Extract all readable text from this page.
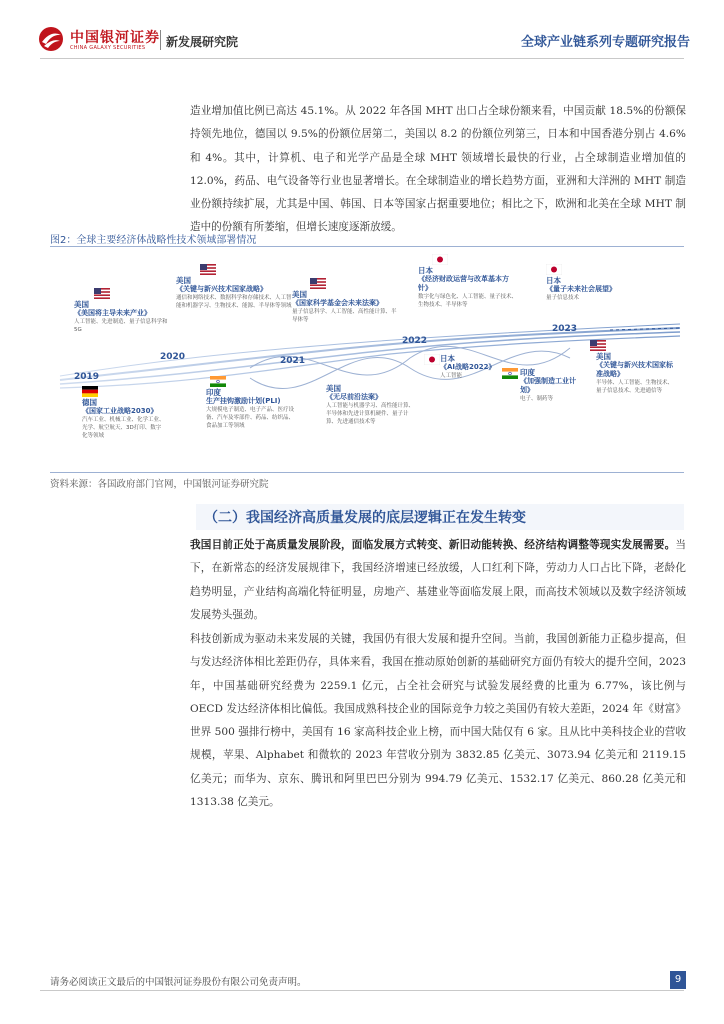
中国银河证券
CHINA GALAXY SECURITIES 新发展研究院	全球产业链系列专题研究报告
造业增加值比例已高达 45.1%。从 2022 年各国 MHT 出口占全球份额来看，中国贡献 18.5%的份额保持领先地位，德国以 9.5%的份额位居第二，美国以 8.2 的份额位列第三，日本和中国香港分别占 4.6%和 4%。其中，计算机、电子和光学产品是全球 MHT 领域增长最快的行业，占全球制造业增加值的 12.0%，药品、电气设备等行业也显著增长。在全球制造业的增长趋势方面，亚洲和大洋洲的 MHT 制造业份额持续扩展，尤其是中国、韩国、日本等国家占据重要地位；相比之下，欧洲和北美在全球 MHT 制造中的份额有所萎缩，但增长速度逐渐放缓。
图2：全球主要经济体战略性技术领域部署情况
2019
2020	2021
2022
2023
德国
《国家工业战略2030》
汽车工业、机械工业、化学工业、光学、航空航天、3D打印、数字化等领域
美国
《美国将主导未来产业》
人工智能、先进制造、量子信息科学和5G
美国
《关键与新兴技术国家战略》
通信和网络技术、数据科学和存储技术、人工智能和机器学习、生物技术、能源、半导体等领域
印度
生产挂钩激励计划(PLI)
大规模电子制造、电子产品、医疗设备、汽车及零部件、药品、纺织品、食品加工等领域
美国
《国家科学基金会未来法案》
量子信息科学、人工智能、高性能计算、半导体等
美国
《无尽前沿法案》
人工智能与机器学习、高性能计算、半导体和先进计算机硬件、量子计算、先进通信技术等
日本
《经济财政运营与改革基本方针》
数字化与绿色化、人工智能、量子技术、生物技术、半导体等
日本
《AI战略2022》
人工智能	印度
《加强制造工业计划》
电子、制药等
日本
《量子未来社会展望》
量子信息技术
美国
《关键与新兴技术国家标准战略》
半导体、人工智能、生物技术、量子信息技术、先进通信等
资料来源：各国政府部门官网，中国银河证券研究院
（二）我国经济高质量发展的底层逻辑正在发生转变
我国目前正处于高质量发展阶段，面临发展方式转变、新旧动能转换、经济结构调整等现实发展需要。当下，在新常态的经济发展规律下，我国经济增速已经放缓，人口红利下降，劳动力人口占比下降，老龄化趋势明显，产业结构高端化特征明显，房地产、基建业等面临发展上限，而高技术领域以及数字经济领域发展势头强劲。
科技创新成为驱动未来发展的关键，我国仍有很大发展和提升空间。当前，我国创新能力正稳步提高，但与发达经济体相比差距仍存，具体来看，我国在推动原始创新的基础研究方面仍有较大的提升空间，2023 年，中国基础研究经费为 2259.1 亿元，占全社会研究与试验发展经费的比重为 6.77%，该比例与 OECD 发达经济体相比偏低。我国成熟科技企业的国际竞争力较之美国仍有较大差距，2024 年《财富》世界 500 强排行榜中，美国有 16 家高科技企业上榜，而中国大陆仅有 6 家。且从比中美科技企业的营收规模，苹果、Alphabet 和微软的 2023 年营收分别为 3832.85 亿美元、3073.94 亿美元和 2119.15 亿美元；而华为、京东、腾讯和阿里巴巴分别为 994.79 亿美元、1532.17 亿美元、860.28 亿美元和 1313.38 亿美元。
请务必阅读正文最后的中国银河证券股份有限公司免责声明。	9
